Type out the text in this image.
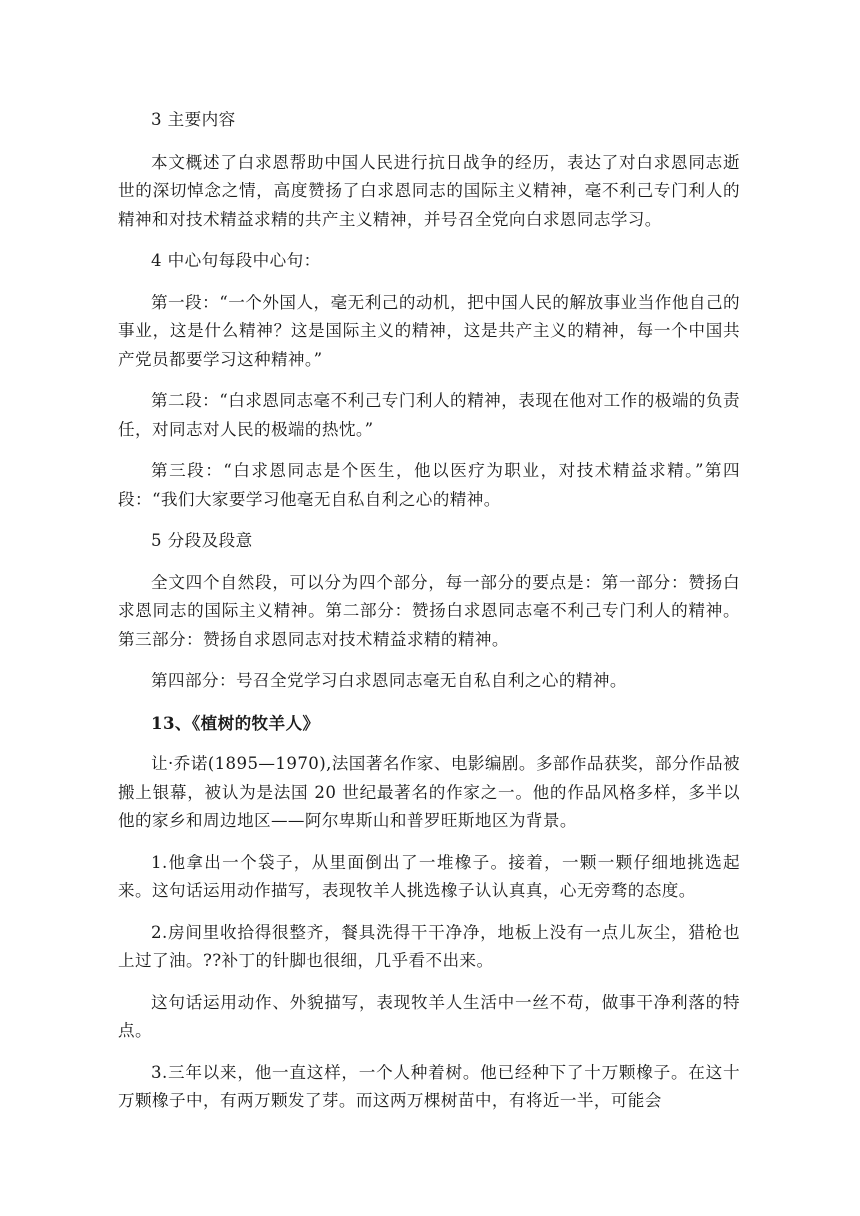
3 主要内容

本文概述了白求恩帮助中国人民进行抗日战争的经历，表达了对白求恩同志逝世的深切悼念之情，高度赞扬了白求恩同志的国际主义精神，毫不利己专门利人的精神和对技术精益求精的共产主义精神，并号召全党向白求恩同志学习。

4 中心句每段中心句：

第一段：“一个外国人，毫无利己的动机，把中国人民的解放事业当作他自己的事业，这是什么精神？这是国际主义的精神，这是共产主义的精神，每一个中国共产党员都要学习这种精神。”

第二段：“白求恩同志毫不利己专门利人的精神，表现在他对工作的极端的负责任，对同志对人民的极端的热忱。”

第三段：“白求恩同志是个医生，他以医疗为职业，对技术精益求精。”第四段：“我们大家要学习他毫无自私自利之心的精神。

5 分段及段意

全文四个自然段，可以分为四个部分，每一部分的要点是：第一部分：赞扬白求恩同志的国际主义精神。第二部分：赞扬白求恩同志毫不利己专门利人的精神。第三部分：赞扬自求恩同志对技术精益求精的精神。

第四部分：号召全党学习白求恩同志毫无自私自利之心的精神。

13、《植树的牧羊人》

让·乔诺(1895—1970),法国著名作家、电影编剧。多部作品获奖，部分作品被搬上银幕，被认为是法国 20 世纪最著名的作家之一。他的作品风格多样，多半以他的家乡和周边地区——阿尔卑斯山和普罗旺斯地区为背景。

1.他拿出一个袋子，从里面倒出了一堆橡子。接着，一颗一颗仔细地挑选起来。这句话运用动作描写，表现牧羊人挑选橡子认认真真，心无旁骛的态度。

2.房间里收拾得很整齐，餐具洗得干干净净，地板上没有一点儿灰尘，猎枪也上过了油。??补丁的针脚也很细，几乎看不出来。

这句话运用动作、外貌描写，表现牧羊人生活中一丝不苟，做事干净利落的特点。

3.三年以来，他一直这样，一个人种着树。他已经种下了十万颗橡子。在这十万颗橡子中，有两万颗发了芽。而这两万棵树苗中，有将近一半，可能会
